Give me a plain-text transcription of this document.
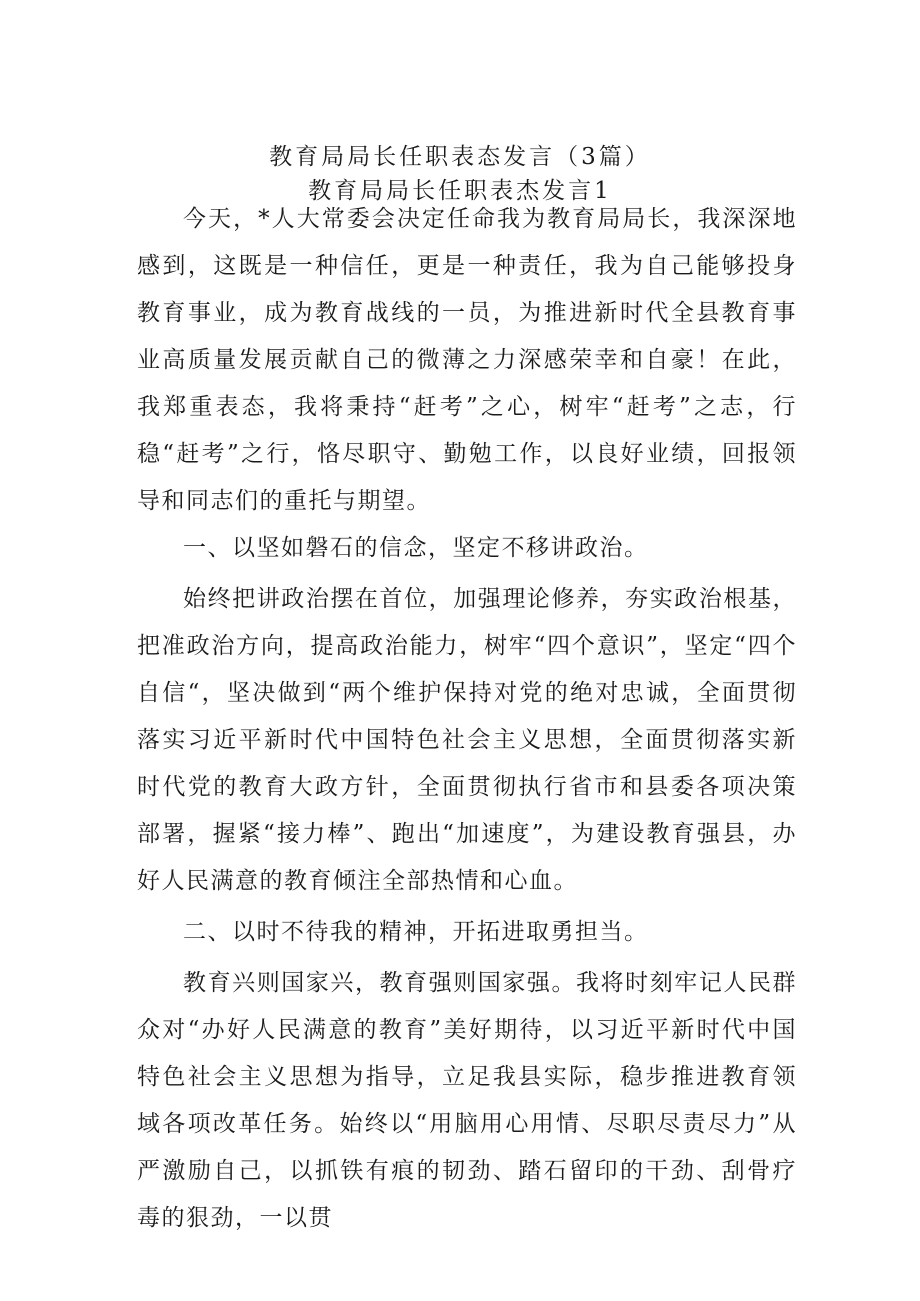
教育局局长任职表态发言（3篇）
教育局局长任职表杰发言1

今天，*人大常委会决定任命我为教育局局长，我深深地感到，这既是一种信任，更是一种责任，我为自己能够投身教育事业，成为教育战线的一员，为推进新时代全县教育事业高质量发展贡献自己的微薄之力深感荣幸和自豪！在此，我郑重表态，我将秉持“赶考”之心，树牢“赶考”之志，行稳“赶考”之行，恪尽职守、勤勉工作，以良好业绩，回报领导和同志们的重托与期望。

一、以坚如磐石的信念，坚定不移讲政治。

始终把讲政治摆在首位，加强理论修养，夯实政治根基，把准政治方向，提高政治能力，树牢“四个意识”，坚定“四个自信“，坚决做到“两个维护保持对党的绝对忠诚，全面贯彻落实习近平新时代中国特色社会主义思想，全面贯彻落实新时代党的教育大政方针，全面贯彻执行省市和县委各项决策部署，握紧“接力棒”、跑出“加速度”，为建设教育强县，办好人民满意的教育倾注全部热情和心血。

二、以时不待我的精神，开拓进取勇担当。

教育兴则国家兴，教育强则国家强。我将时刻牢记人民群众对“办好人民满意的教育”美好期待，以习近平新时代中国特色社会主义思想为指导，立足我县实际，稳步推进教育领域各项改革任务。始终以“用脑用心用情、尽职尽责尽力”从严激励自己，以抓铁有痕的韧劲、踏石留印的干劲、刮骨疗毒的狠劲，一以贯
